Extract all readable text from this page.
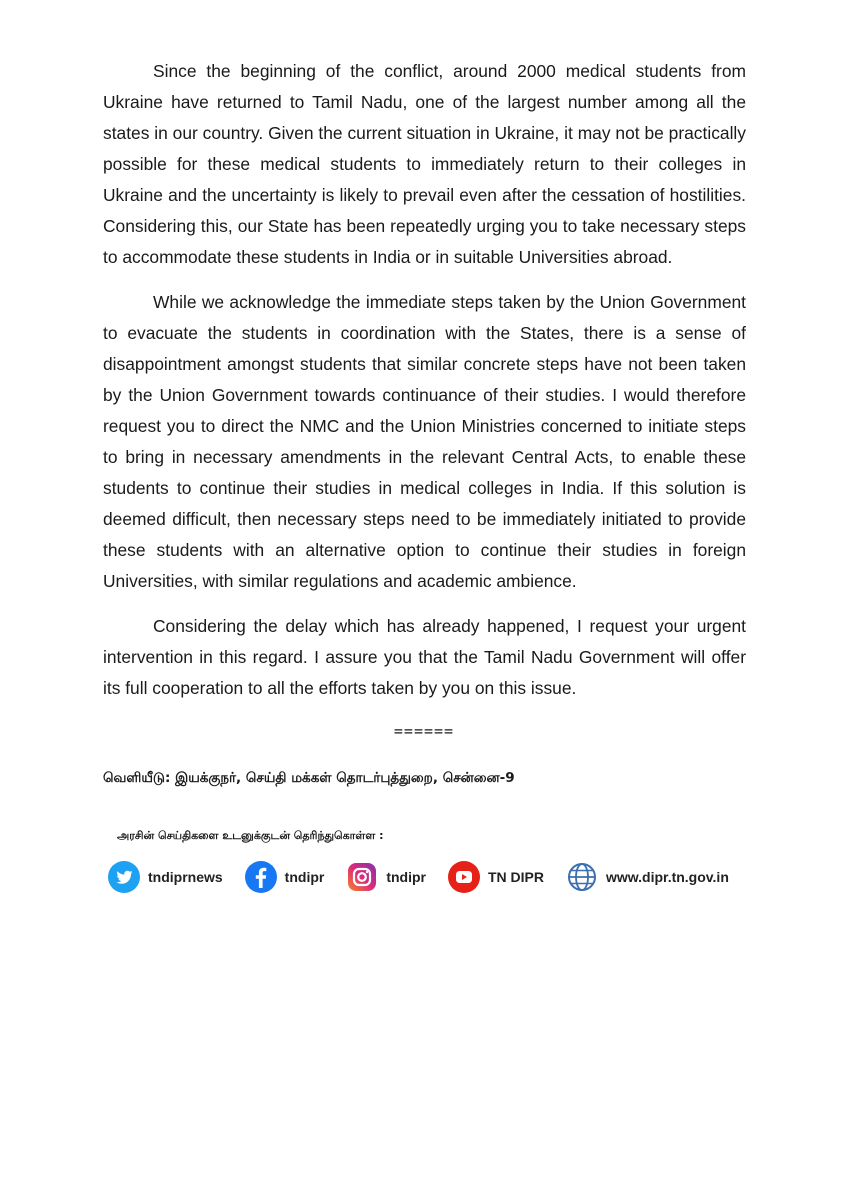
Since the beginning of the conflict, around 2000 medical students from Ukraine have returned to Tamil Nadu, one of the largest number among all the states in our country. Given the current situation in Ukraine, it may not be practically possible for these medical students to immediately return to their colleges in Ukraine and the uncertainty is likely to prevail even after the cessation of hostilities. Considering this, our State has been repeatedly urging you to take necessary steps to accommodate these students in India or in suitable Universities abroad.

While we acknowledge the immediate steps taken by the Union Government to evacuate the students in coordination with the States, there is a sense of disappointment amongst students that similar concrete steps have not been taken by the Union Government towards continuance of their studies. I would therefore request you to direct the NMC and the Union Ministries concerned to initiate steps to bring in necessary amendments in the relevant Central Acts, to enable these students to continue their studies in medical colleges in India. If this solution is deemed difficult, then necessary steps need to be immediately initiated to provide these students with an alternative option to continue their studies in foreign Universities, with similar regulations and academic ambience.

Considering the delay which has already happened, I request your urgent intervention in this regard. I assure you that the Tamil Nadu Government will offer its full cooperation to all the efforts taken by you on this issue.

======
வெளியீடு: இயக்குநர், செய்தி மக்கள் தொடர்புத்துறை, சென்னை-9
அரசின் செய்திகளை உடனுக்குடன் தெரிந்துகொள்ள :
tndiprnews	tndipr	tndipr	TN DIPR	www.dipr.tn.gov.in
